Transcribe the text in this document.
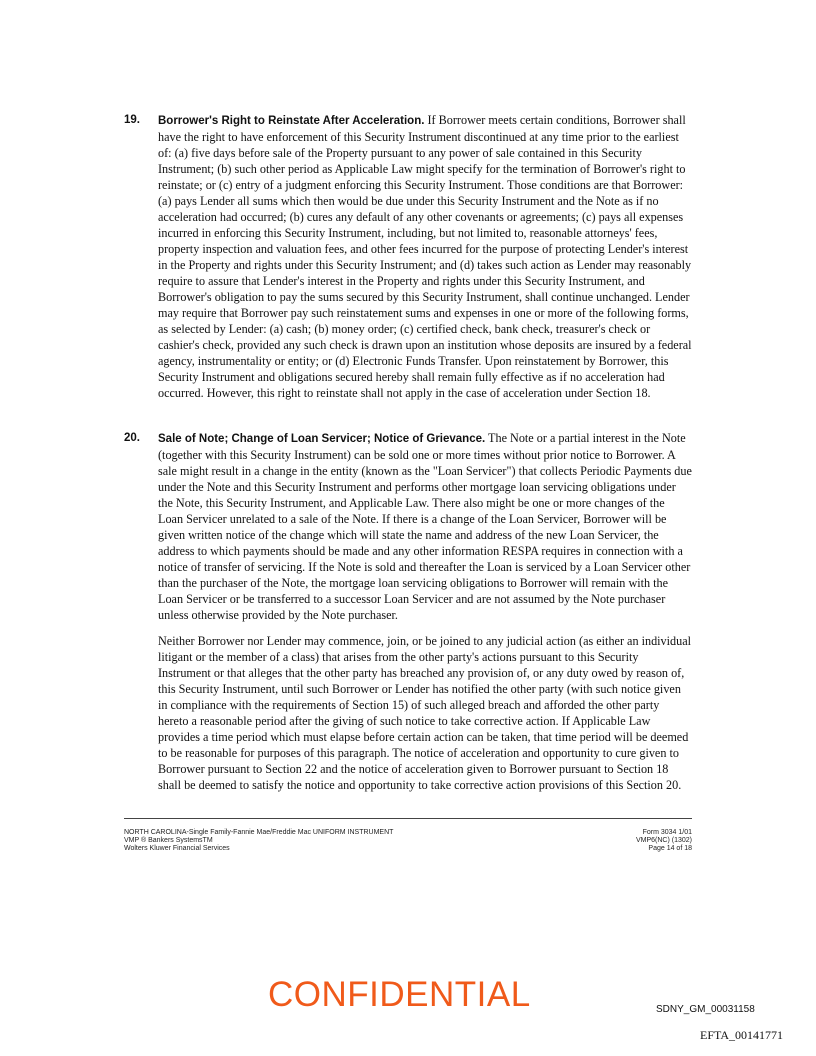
19. Borrower's Right to Reinstate After Acceleration. If Borrower meets certain conditions, Borrower shall have the right to have enforcement of this Security Instrument discontinued at any time prior to the earliest of: (a) five days before sale of the Property pursuant to any power of sale contained in this Security Instrument; (b) such other period as Applicable Law might specify for the termination of Borrower's right to reinstate; or (c) entry of a judgment enforcing this Security Instrument. Those conditions are that Borrower: (a) pays Lender all sums which then would be due under this Security Instrument and the Note as if no acceleration had occurred; (b) cures any default of any other covenants or agreements; (c) pays all expenses incurred in enforcing this Security Instrument, including, but not limited to, reasonable attorneys' fees, property inspection and valuation fees, and other fees incurred for the purpose of protecting Lender's interest in the Property and rights under this Security Instrument; and (d) takes such action as Lender may reasonably require to assure that Lender's interest in the Property and rights under this Security Instrument, and Borrower's obligation to pay the sums secured by this Security Instrument, shall continue unchanged. Lender may require that Borrower pay such reinstatement sums and expenses in one or more of the following forms, as selected by Lender: (a) cash; (b) money order; (c) certified check, bank check, treasurer's check or cashier's check, provided any such check is drawn upon an institution whose deposits are insured by a federal agency, instrumentality or entity; or (d) Electronic Funds Transfer. Upon reinstatement by Borrower, this Security Instrument and obligations secured hereby shall remain fully effective as if no acceleration had occurred. However, this right to reinstate shall not apply in the case of acceleration under Section 18.
20. Sale of Note; Change of Loan Servicer; Notice of Grievance. The Note or a partial interest in the Note (together with this Security Instrument) can be sold one or more times without prior notice to Borrower. A sale might result in a change in the entity (known as the "Loan Servicer") that collects Periodic Payments due under the Note and this Security Instrument and performs other mortgage loan servicing obligations under the Note, this Security Instrument, and Applicable Law. There also might be one or more changes of the Loan Servicer unrelated to a sale of the Note. If there is a change of the Loan Servicer, Borrower will be given written notice of the change which will state the name and address of the new Loan Servicer, the address to which payments should be made and any other information RESPA requires in connection with a notice of transfer of servicing. If the Note is sold and thereafter the Loan is serviced by a Loan Servicer other than the purchaser of the Note, the mortgage loan servicing obligations to Borrower will remain with the Loan Servicer or be transferred to a successor Loan Servicer and are not assumed by the Note purchaser unless otherwise provided by the Note purchaser.
Neither Borrower nor Lender may commence, join, or be joined to any judicial action (as either an individual litigant or the member of a class) that arises from the other party's actions pursuant to this Security Instrument or that alleges that the other party has breached any provision of, or any duty owed by reason of, this Security Instrument, until such Borrower or Lender has notified the other party (with such notice given in compliance with the requirements of Section 15) of such alleged breach and afforded the other party hereto a reasonable period after the giving of such notice to take corrective action. If Applicable Law provides a time period which must elapse before certain action can be taken, that time period will be deemed to be reasonable for purposes of this paragraph. The notice of acceleration and opportunity to cure given to Borrower pursuant to Section 22 and the notice of acceleration given to Borrower pursuant to Section 18 shall be deemed to satisfy the notice and opportunity to take corrective action provisions of this Section 20.
NORTH CAROLINA-Single Family-Fannie Mae/Freddie Mac UNIFORM INSTRUMENT
VMP ® Bankers SystemsTM
Wolters Kluwer Financial Services
Form 3034 1/01
VMP6(NC) (1302)
Page 14 of 18
CONFIDENTIAL	SDNY_GM_00031158
EFTA_00141771
